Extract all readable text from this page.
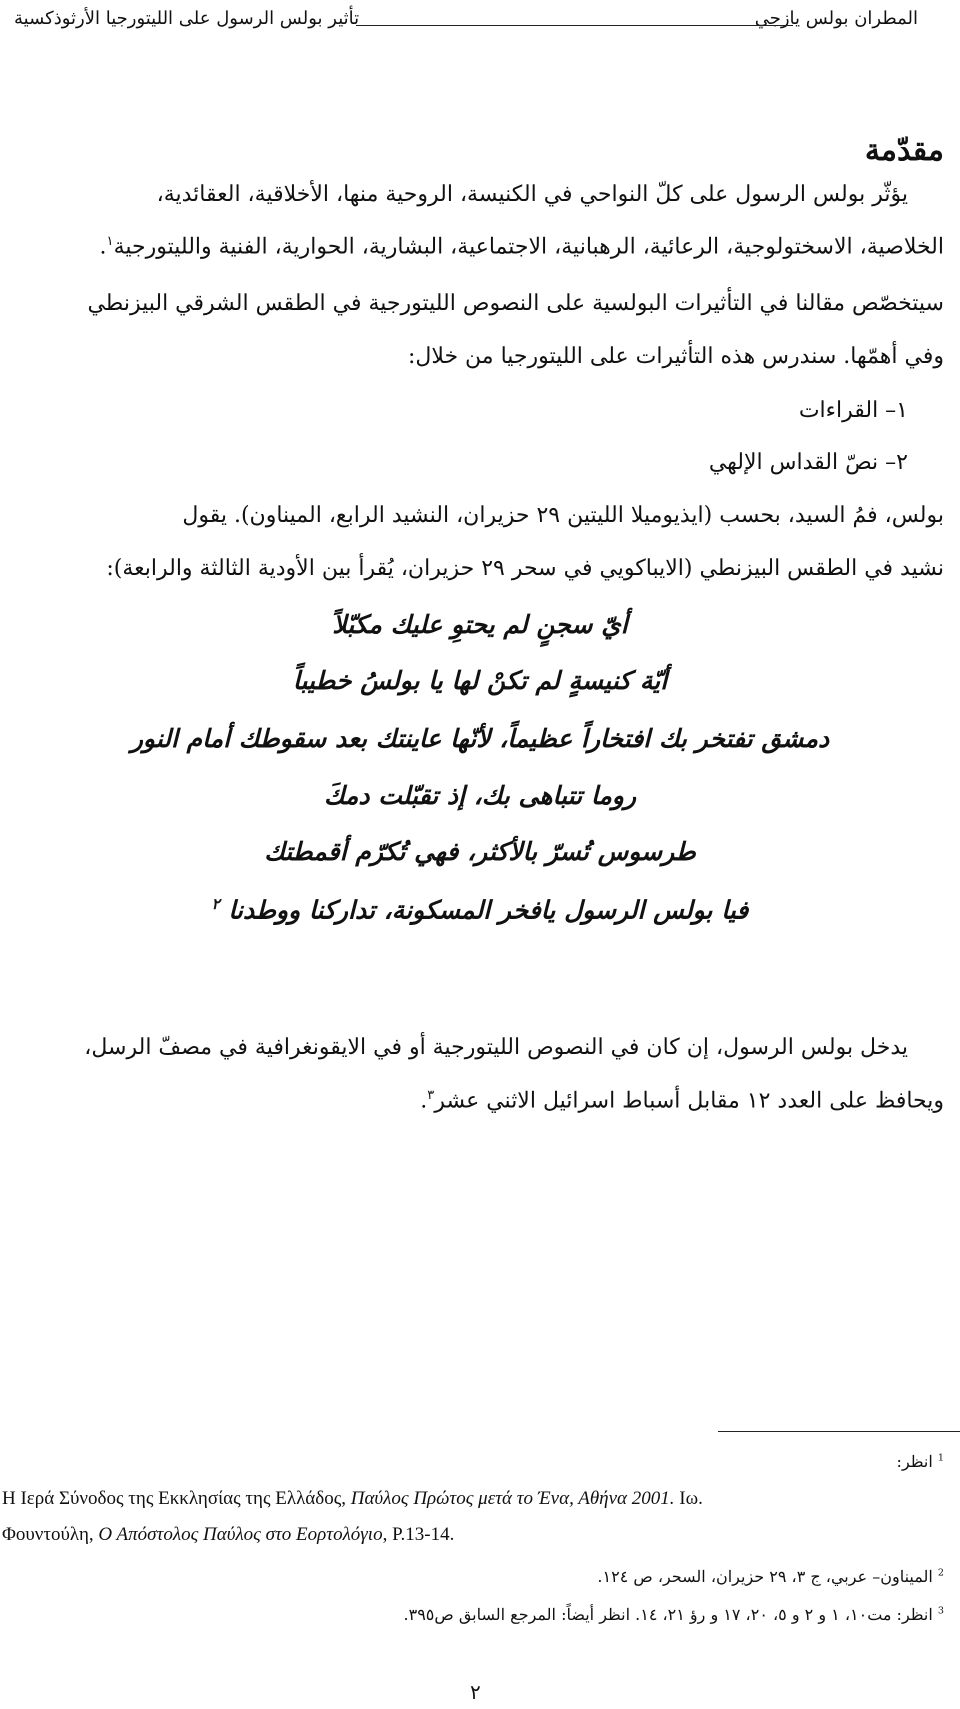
المطران بولس يازجي
تأثير بولس الرسول على الليتورجيا الأرثوذكسية
مقدّمة
يؤثّر بولس الرسول على كلّ النواحي في الكنيسة، الروحية منها، الأخلاقية، العقائدية،
الخلاصية، الاسختولوجية، الرعائية، الرهبانية، الاجتماعية، البشارية، الحوارية، الفنية والليتورجية$^١$.
سيتخصّص مقالنا في التأثيرات البولسية على النصوص الليتورجية في الطقس الشرقي البيزنطي
وفي أهمّها. سندرس هذه التأثيرات على الليتورجيا من خلال:
١– القراءات
٢– نصّ القداس الإلهي
بولس، فمُ السيد، بحسب (ايذيوميلا الليتين ٢٩ حزيران، النشيد الرابع، الميناون). يقول
نشيد في الطقس البيزنطي (الايباكويي في سحر ٢٩ حزيران، يُقرأ بين الأودية الثالثة والرابعة):
أيّ سجنٍ لم يحتوِ عليك مكبّلاً
أيّة كنيسةٍ لم تكنْ لها يا بولسُ خطيباً
دمشق تفتخر بك افتخاراً عظيماً، لأنّها عاينتك بعد سقوطك أمام النور
روما تتباهى بك، إذ تقبّلت دمكَ
طرسوس تُسرّ بالأكثر، فهي تُكرّم أقمطتك
فيا بولس الرسول يافخر المسكونة، تداركنا ووطدنا $^٢$
يدخل بولس الرسول، إن كان في النصوص الليتورجية أو في الايقونغرافية في مصفّ الرسل،
ويحافظ على العدد ١٢ مقابل أسباط اسرائيل الاثني عشر$^٣$.
$^1$ انظر:
Η Ιερά Σύνοδος της Εκκλησίας της Ελλάδος, Παύλος Πρώτος μετά το Ένα, Αθήνα 2001. Ιω.
Φουντούλη, Ο Απόστολος Παύλος στο Εορτολόγιο, P.13-14.
$^2$ الميناون– عربي، ج ٣، ٢٩ حزيران، السحر، ص ١٢٤.
$^3$ انظر: مت١٠، ١ و ٢ و ٥، ٢٠، ١٧ و رؤ ٢١، ١٤. انظر أيضاً: المرجع السابق ص٣٩٥.
٢
